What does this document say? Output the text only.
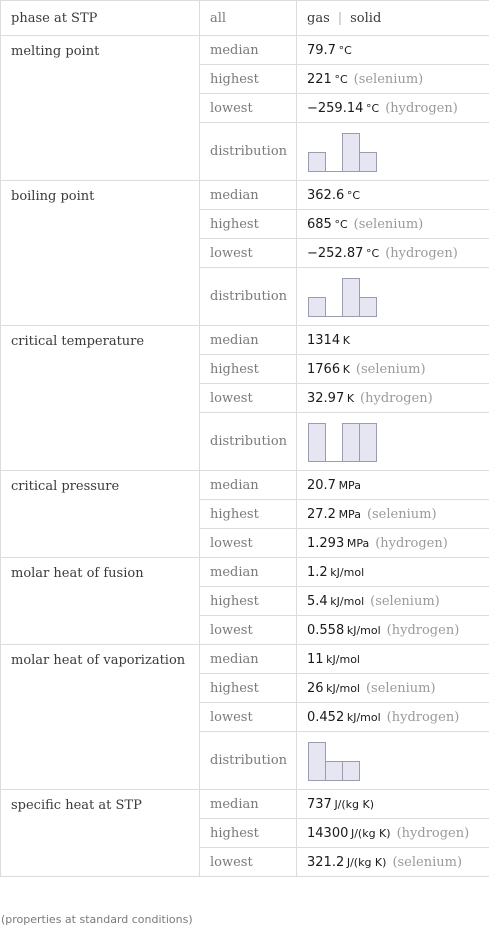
phase at STP	all	gas | solid
melting point	median	79.7  °C
	highest	221  °C (selenium)
	lowest	−259.14  °C (hydrogen)
	distribution	

boiling point	median	362.6  °C
	highest	685  °C (selenium)
	lowest	−252.87  °C (hydrogen)
	distribution	

critical temperature	median	1314  K
	highest	1766  K (selenium)
	lowest	32.97  K (hydrogen)
	distribution	

critical pressure	median	20.7  MPa
	highest	27.2  MPa (selenium)
	lowest	1.293  MPa (hydrogen)
molar heat of fusion	median	1.2  kJ/mol
	highest	5.4  kJ/mol (selenium)
	lowest	0.558  kJ/mol (hydrogen)
molar heat of vaporization	median	11  kJ/mol
	highest	26  kJ/mol (selenium)
	lowest	0.452  kJ/mol (hydrogen)
	distribution	

specific heat at STP	median	737  J/(kg K)
	highest	14300  J/(kg K) (hydrogen)
	lowest	321.2  J/(kg K) (selenium)
(properties at standard conditions)
